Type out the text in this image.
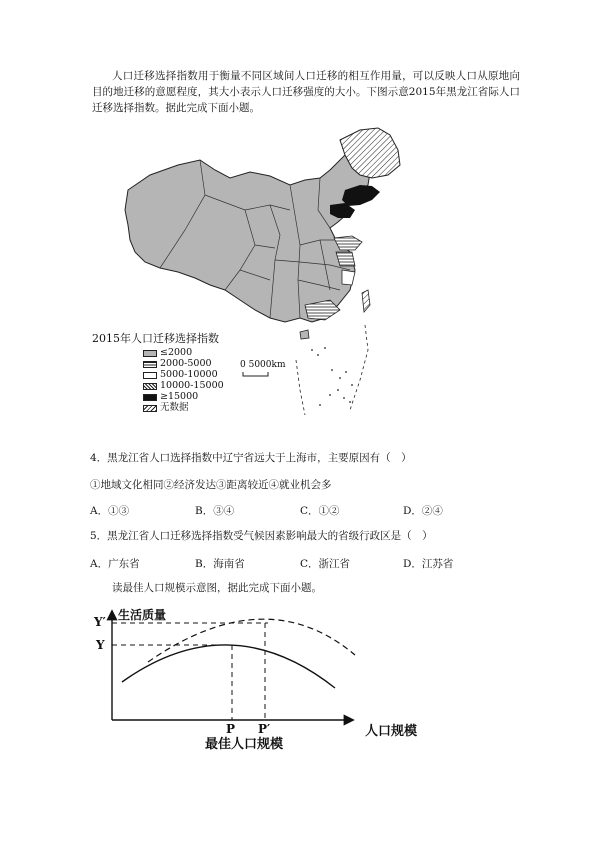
人口迁移选择指数用于衡量不同区域间人口迁移的相互作用量，可以反映人口从原地向目的地迁移的意愿程度，其大小表示人口迁移强度的大小。下图示意2015年黑龙江省际人口迁移选择指数。据此完成下面小题。
2015年人口迁移选择指数
≤2000
2000-5000
5000-10000
10000-15000
≥15000
无数据
0 5000km
4．黑龙江省人口选择指数中辽宁省远大于上海市，主要原因有（　）
①地域文化相同②经济发达③距离较近④就业机会多
A．①③	B．③④	C．①②	D．②④
5．黑龙江省人口迁移选择指数受气候因素影响最大的省级行政区是（　）
A．广东省	B．海南省	C．浙江省	D．江苏省
读最佳人口规模示意图，据此完成下面小题。
生活质量
Y′
Y
P P′	人口规模
最佳人口规模
